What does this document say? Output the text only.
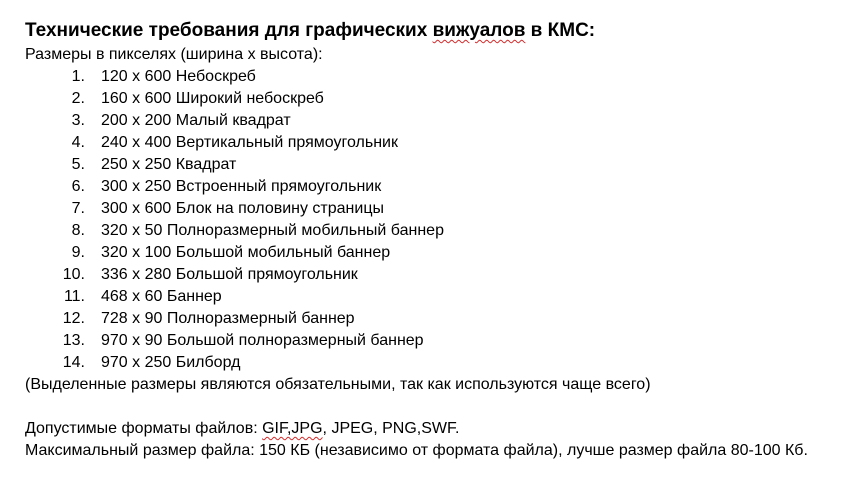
Технические требования для графических вижуалов в КМС:
Размеры в пикселях (ширина х высота):
1. 120 х 600 Небоскреб
2. 160 х 600 Широкий небоскреб
3. 200 х 200 Малый квадрат
4. 240 х 400 Вертикальный прямоугольник
5. 250 х 250 Квадрат
6. 300 х 250 Встроенный прямоугольник
7. 300 х 600 Блок на половину страницы
8. 320 х 50 Полноразмерный мобильный баннер
9. 320 х 100 Большой мобильный баннер
10. 336 х 280 Большой прямоугольник
11. 468 х 60 Баннер
12. 728 х 90 Полноразмерный баннер
13. 970 х 90 Большой полноразмерный баннер
14. 970 х 250 Билборд
(Выделенные размеры являются обязательными, так как используются чаще всего)
Допустимые форматы файлов: GIF,JPG, JPEG, PNG,SWF.
Максимальный размер файла: 150 КБ (независимо от формата файла), лучше размер файла 80-100 Кб.
